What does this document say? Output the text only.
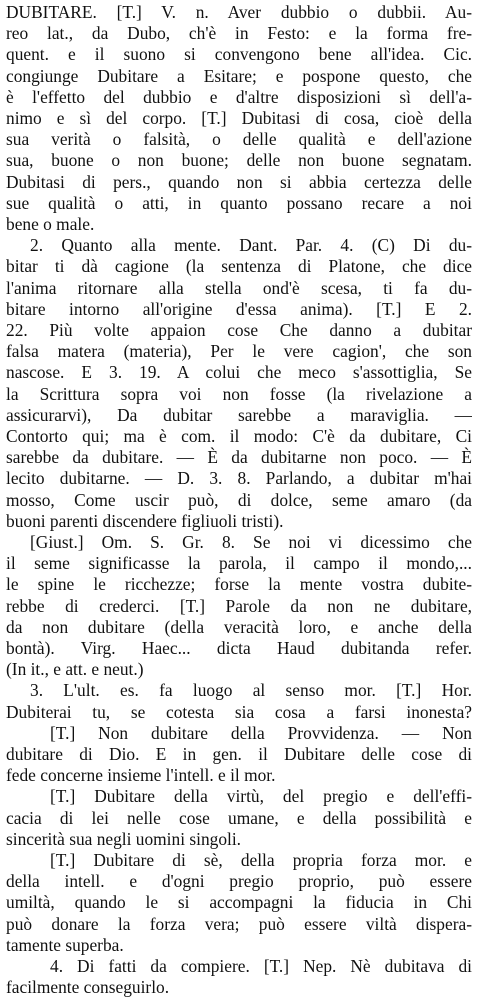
DUBITARE. [T.] V. n. Aver dubbio o dubbii. Au-
reo lat., da Dubo, ch'è in Festo: e la forma fre-
quent. e il suono si convengono bene all'idea. Cic.
congiunge Dubitare a Esitare; e pospone questo, che
è l'effetto del dubbio e d'altre disposizioni sì dell'a-
nimo e sì del corpo. [T.] Dubitasi di cosa, cioè della
sua verità o falsità, o delle qualità e dell'azione
sua, buone o non buone; delle non buone segnatam.
Dubitasi di pers., quando non si abbia certezza delle
sue qualità o atti, in quanto possano recare a noi
bene o male.
2. Quanto alla mente. Dant. Par. 4. (C) Di du-
bitar ti dà cagione (la sentenza di Platone, che dice
l'anima ritornare alla stella ond'è scesa, ti fa du-
bitare intorno all'origine d'essa anima). [T.] E 2.
22. Più volte appaion cose Che danno a dubitar
falsa matera (materia), Per le vere cagion', che son
nascose. E 3. 19. A colui che meco s'assottiglia, Se
la Scrittura sopra voi non fosse (la rivelazione a
assicurarvi), Da dubitar sarebbe a maraviglia. —
Contorto qui; ma è com. il modo: C'è da dubitare, Ci
sarebbe da dubitare. — È da dubitarne non poco. — È
lecito dubitarne. — D. 3. 8. Parlando, a dubitar m'hai
mosso, Come uscir può, di dolce, seme amaro (da
buoni parenti discendere figliuoli tristi).
[Giust.] Om. S. Gr. 8. Se noi vi dicessimo che
il seme significasse la parola, il campo il mondo,...
le spine le ricchezze; forse la mente vostra dubite-
rebbe di crederci. [T.] Parole da non ne dubitare,
da non dubitare (della veracità loro, e anche della
bontà). Virg. Haec... dicta Haud dubitanda refer.
(In it., e att. e neut.)
3. L'ult. es. fa luogo al senso mor. [T.] Hor.
Dubiterai tu, se cotesta sia cosa a farsi inonesta?
[T.] Non dubitare della Provvidenza. — Non
dubitare di Dio. E in gen. il Dubitare delle cose di
fede concerne insieme l'intell. e il mor.
[T.] Dubitare della virtù, del pregio e dell'effi-
cacia di lei nelle cose umane, e della possibilità e
sincerità sua negli uomini singoli.
[T.] Dubitare di sè, della propria forza mor. e
della intell. e d'ogni pregio proprio, può essere
umiltà, quando le si accompagni la fiducia in Chi
può donare la forza vera; può essere viltà dispera-
tamente superba.
4. Di fatti da compiere. [T.] Nep. Nè dubitava di
facilmente conseguirlo.
